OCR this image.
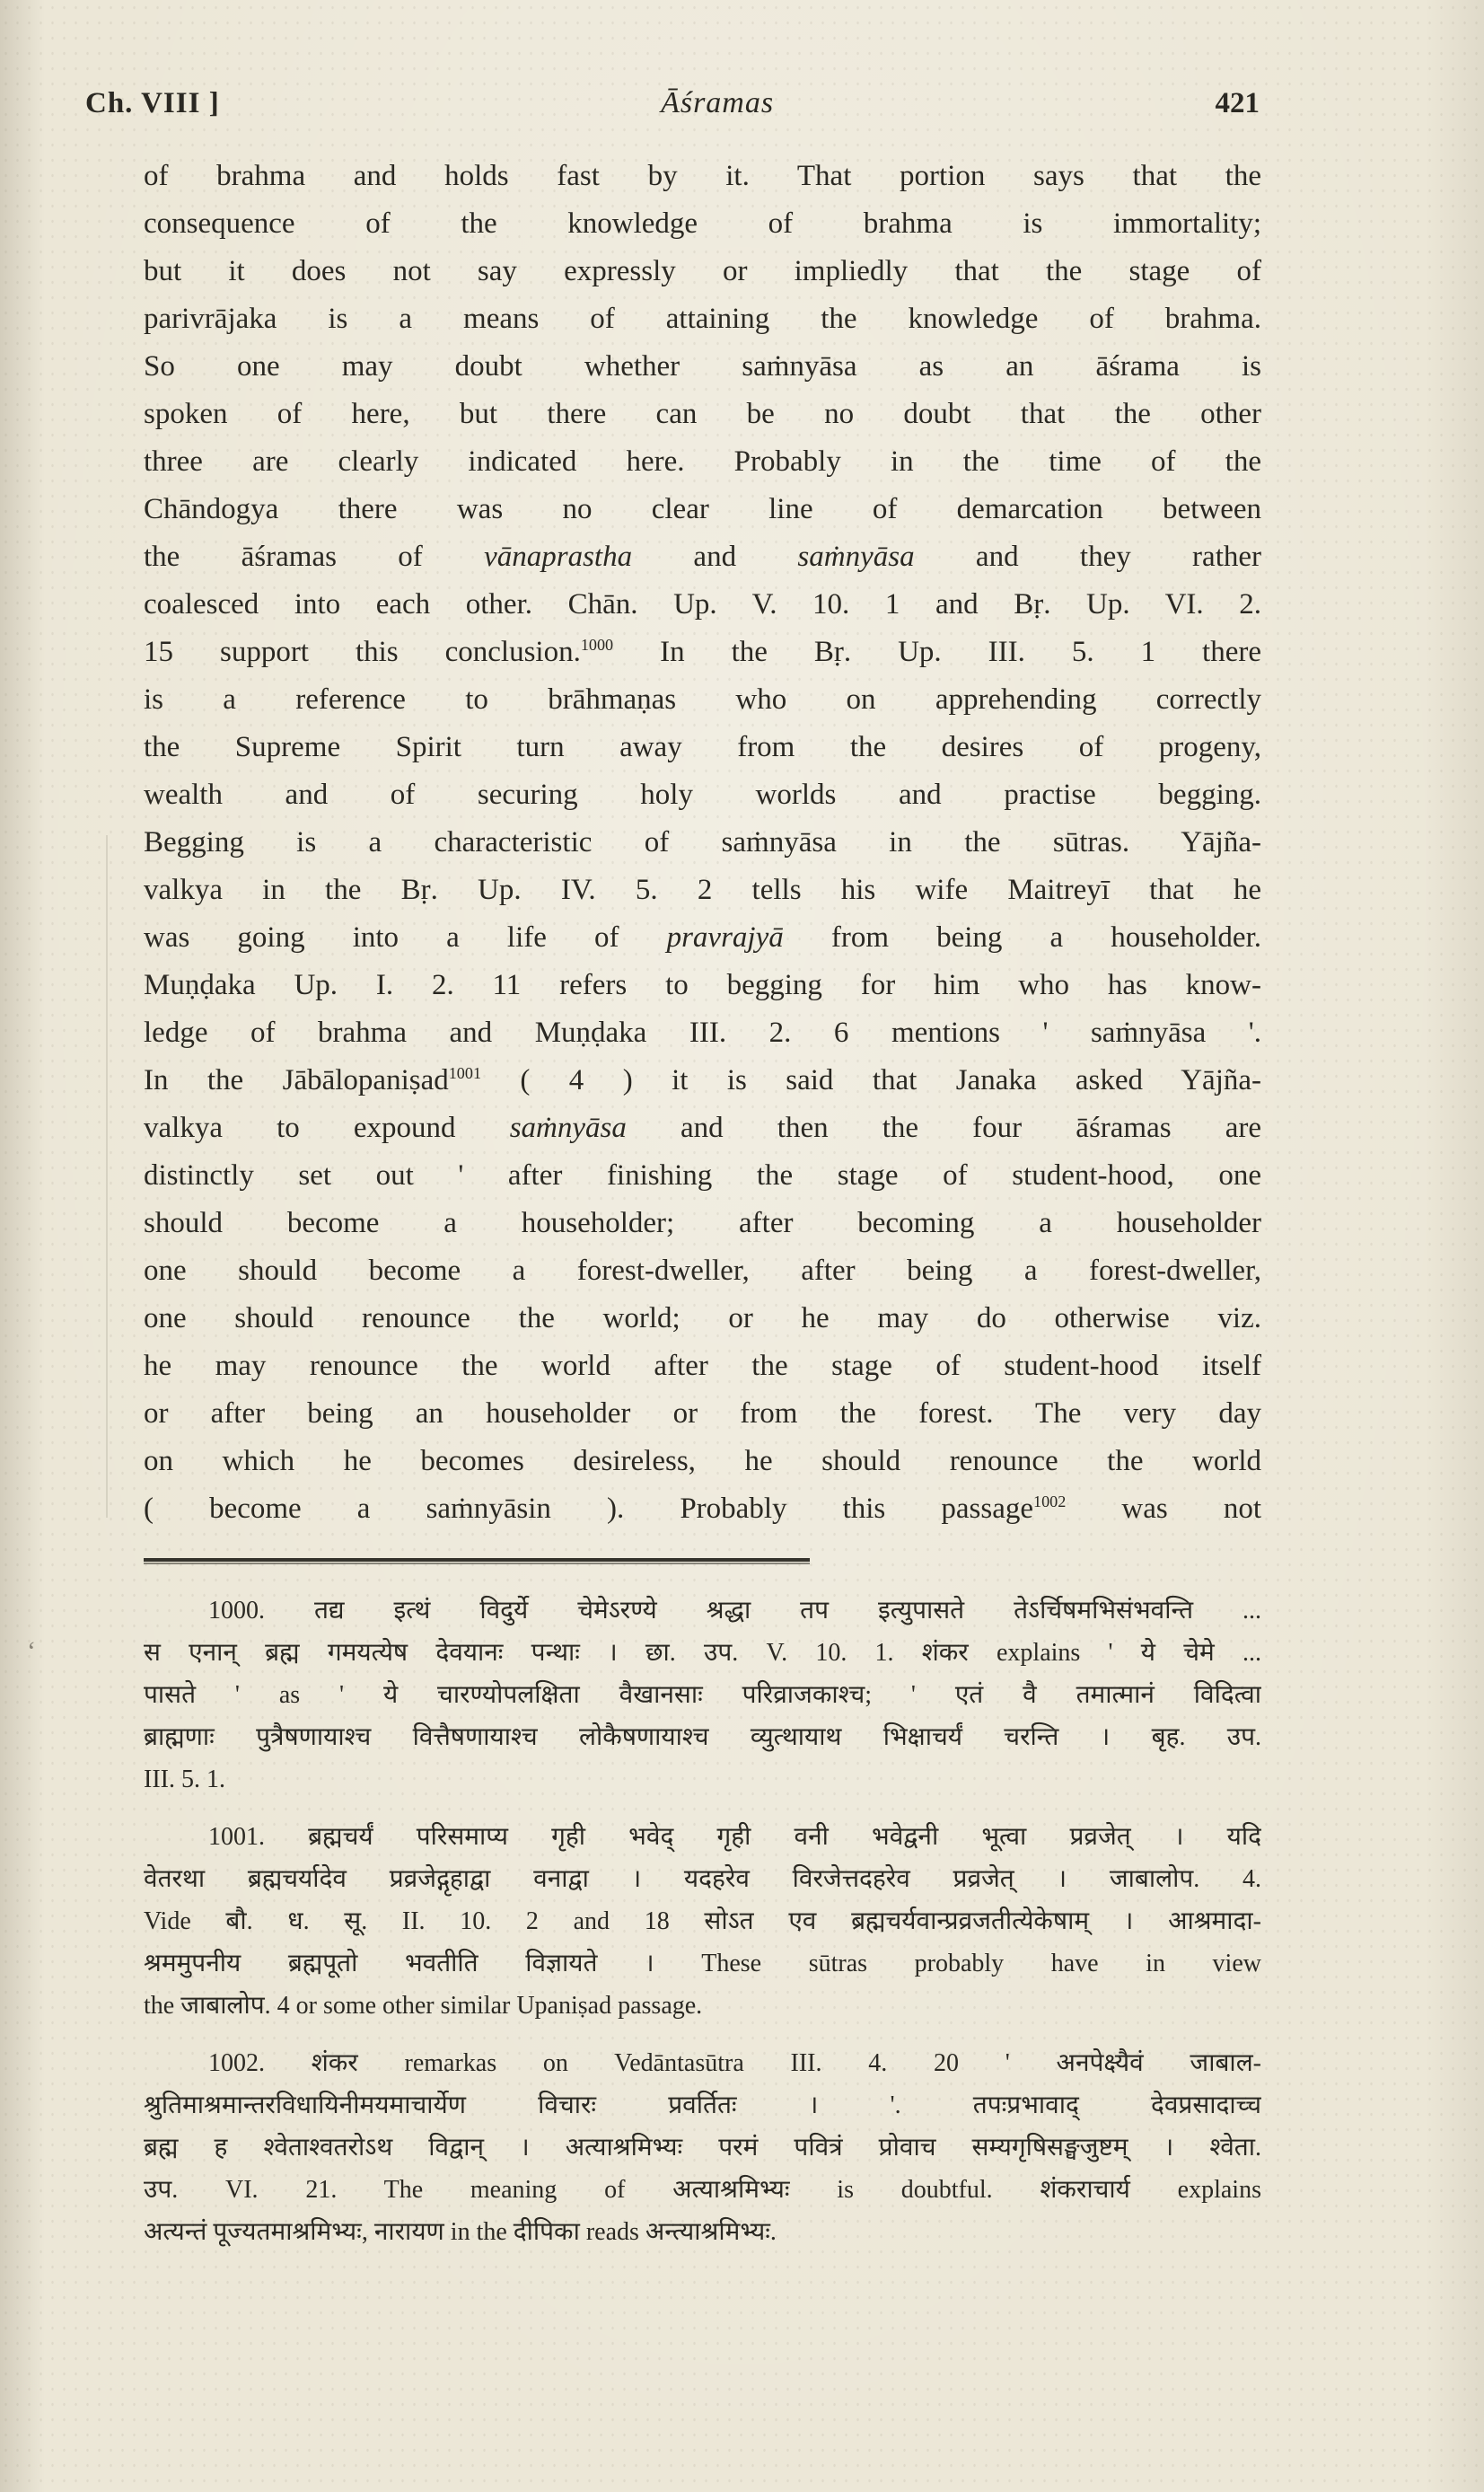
‘
Ch. VIII ]	Āśramas	421
of brahma and holds fast by it. That portion says that the
consequence of the knowledge of brahma is immortality;
but it does not say expressly or impliedly that the stage of
parivrājaka is a means of attaining the knowledge of brahma.
So one may doubt whether saṁnyāsa as an āśrama is
spoken of here, but there can be no doubt that the other
three are clearly indicated here. Probably in the time of the
Chāndogya there was no clear line of demarcation between
the āśramas of vānaprastha and saṁnyāsa and they rather
coalesced into each other. Chān. Up. V. 10. 1 and Bṛ. Up. VI. 2.
15 support this conclusion.$^{1000}$ In the Bṛ. Up. III. 5. 1 there
is a reference to brāhmaṇas who on apprehending correctly
the Supreme Spirit turn away from the desires of progeny,
wealth and of securing holy worlds and practise begging.
Begging is a characteristic of saṁnyāsa in the sūtras. Yājña-
valkya in the Bṛ. Up. IV. 5. 2 tells his wife Maitreyī that he
was going into a life of pravrajyā from being a householder.
Muṇḍaka Up. I. 2. 11 refers to begging for him who has know-
ledge of brahma and Muṇḍaka III. 2. 6 mentions ' saṁnyāsa '.
In the Jābālopaniṣad$^{1001}$ ( 4 ) it is said that Janaka asked Yājña-
valkya to expound saṁnyāsa and then the four āśramas are
distinctly set out ' after finishing the stage of student-hood, one
should become a householder; after becoming a householder
one should become a forest-dweller, after being a forest-dweller,
one should renounce the world; or he may do otherwise viz.
he may renounce the world after the stage of student-hood itself
or after being an householder or from the forest. The very day
on which he becomes desireless, he should renounce the world
( become a saṁnyāsin ). Probably this passage$^{1002}$ was not
1000. तद्य इत्थं विदुर्ये चेमेऽरण्ये श्रद्धा तप इत्युपासते तेऽर्चिषमभिसंभवन्ति ...
स एनान् ब्रह्म गमयत्येष देवयानः पन्थाः । छा. उप. V. 10. 1. शंकर explains ' ये चेमे ...
पासते ' as ' ये चारण्योपलक्षिता वैखानसाः परिव्राजकाश्च; ' एतं वै तमात्मानं विदित्वा
ब्राह्मणाः पुत्रैषणायाश्च वित्तैषणायाश्च लोकैषणायाश्च व्युत्थायाथ भिक्षाचर्यं चरन्ति । बृह. उप.
III. 5. 1.
1001. ब्रह्मचर्यं परिसमाप्य गृही भवेद् गृही वनी भवेद्वनी भूत्वा प्रव्रजेत् । यदि
वेतरथा ब्रह्मचर्यादेव प्रव्रजेद्गृहाद्वा वनाद्वा । यदहरेव विरजेत्तदहरेव प्रव्रजेत् । जाबालोप. 4.
Vide बौ. ध. सू. II. 10. 2 and 18 सोऽत एव ब्रह्मचर्यवान्प्रव्रजतीत्येकेषाम् । आश्रमादा-
श्रममुपनीय ब्रह्मपूतो भवतीति विज्ञायते । These sūtras probably have in view
the जाबालोप. 4 or some other similar Upaniṣad passage.
1002. शंकर remarkas on Vedāntasūtra III. 4. 20 ' अनपेक्ष्यैवं जाबाल-
श्रुतिमाश्रमान्तरविधायिनीमयमाचार्येण विचारः प्रवर्तितः । '. तपःप्रभावाद् देवप्रसादाच्च
ब्रह्म ह श्वेताश्वतरोऽथ विद्वान् । अत्याश्रमिभ्यः परमं पवित्रं प्रोवाच सम्यगृषिसङ्घजुष्टम् । श्वेता.
उप. VI. 21. The meaning of अत्याश्रमिभ्यः is doubtful. शंकराचार्य explains
अत्यन्तं पूज्यतमाश्रमिभ्यः, नारायण in the दीपिका reads अन्त्याश्रमिभ्यः.
